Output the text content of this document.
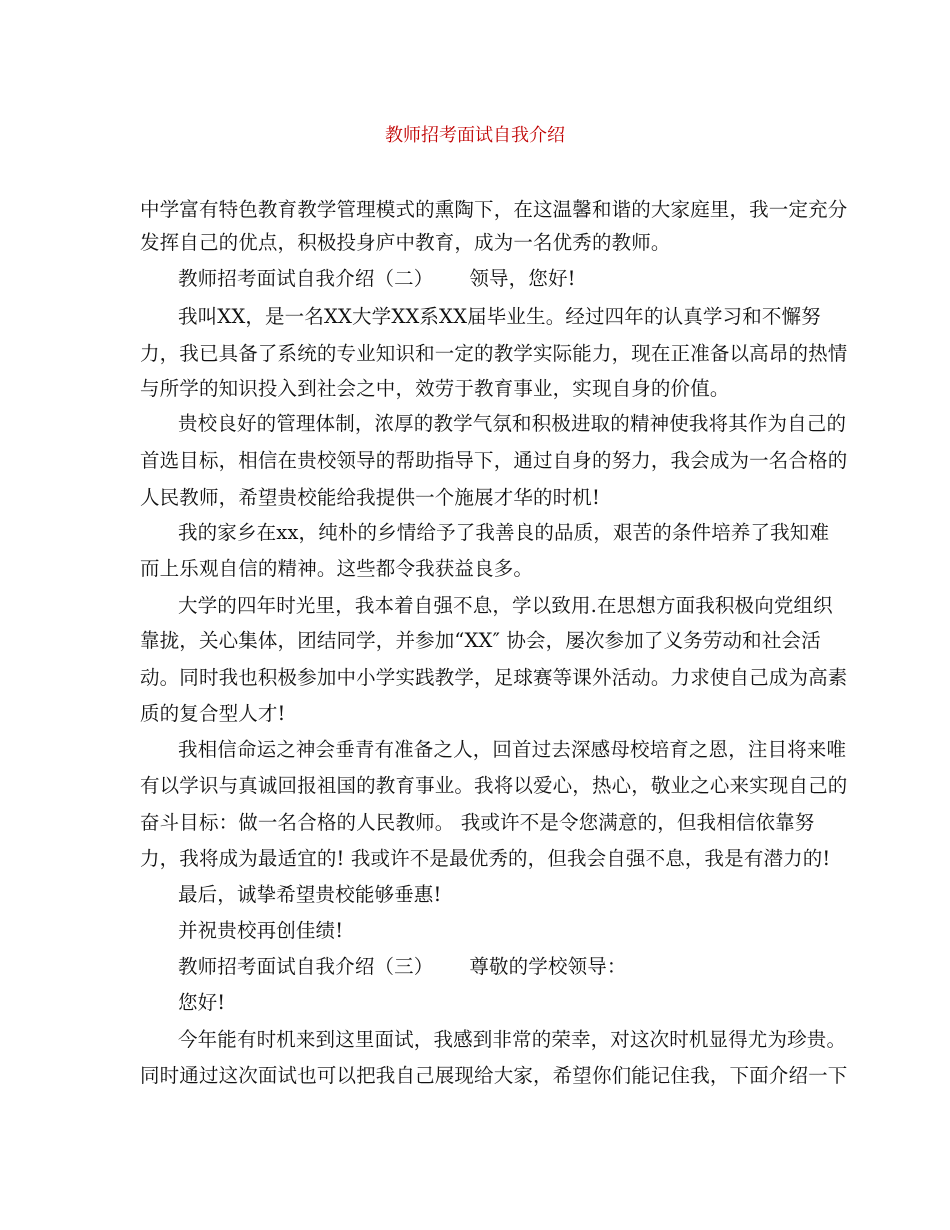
教师招考面试自我介绍
中学富有特色教育教学管理模式的熏陶下，在这温馨和谐的大家庭里，我一定充分
发挥自己的优点，积极投身庐中教育，成为一名优秀的教师。
教师招考面试自我介绍（二）　　 领导，您好!
我叫XX，是一名XX大学XX系XX届毕业生。经过四年的认真学习和不懈努
力，我已具备了系统的专业知识和一定的教学实际能力，现在正准备以高昂的热情
与所学的知识投入到社会之中，效劳于教育事业，实现自身的价值。
贵校良好的管理体制，浓厚的教学气氛和积极进取的精神使我将其作为自己的
首选目标，相信在贵校领导的帮助指导下，通过自身的努力，我会成为一名合格的
人民教师，希望贵校能给我提供一个施展才华的时机!
我的家乡在xx，纯朴的乡情给予了我善良的品质，艰苦的条件培养了我知难
而上乐观自信的精神。这些都令我获益良多。
大学的四年时光里，我本着自强不息，学以致用.在思想方面我积极向党组织
靠拢，关心集体，团结同学，并参加“XX″ 协会，屡次参加了义务劳动和社会活
动。同时我也积极参加中小学实践教学，足球赛等课外活动。力求使自己成为高素
质的复合型人才!
我相信命运之神会垂青有准备之人，回首过去深感母校培育之恩，注目将来唯
有以学识与真诚回报祖国的教育事业。我将以爱心，热心，敬业之心来实现自己的
奋斗目标：做一名合格的人民教师。 我或许不是令您满意的，但我相信依靠努
力，我将成为最适宜的! 我或许不是最优秀的，但我会自强不息，我是有潜力的!
最后，诚挚希望贵校能够垂惠!
并祝贵校再创佳绩!
教师招考面试自我介绍（三）　　 尊敬的学校领导：
您好!
今年能有时机来到这里面试，我感到非常的荣幸，对这次时机显得尤为珍贵。
同时通过这次面试也可以把我自己展现给大家，希望你们能记住我，下面介绍一下
